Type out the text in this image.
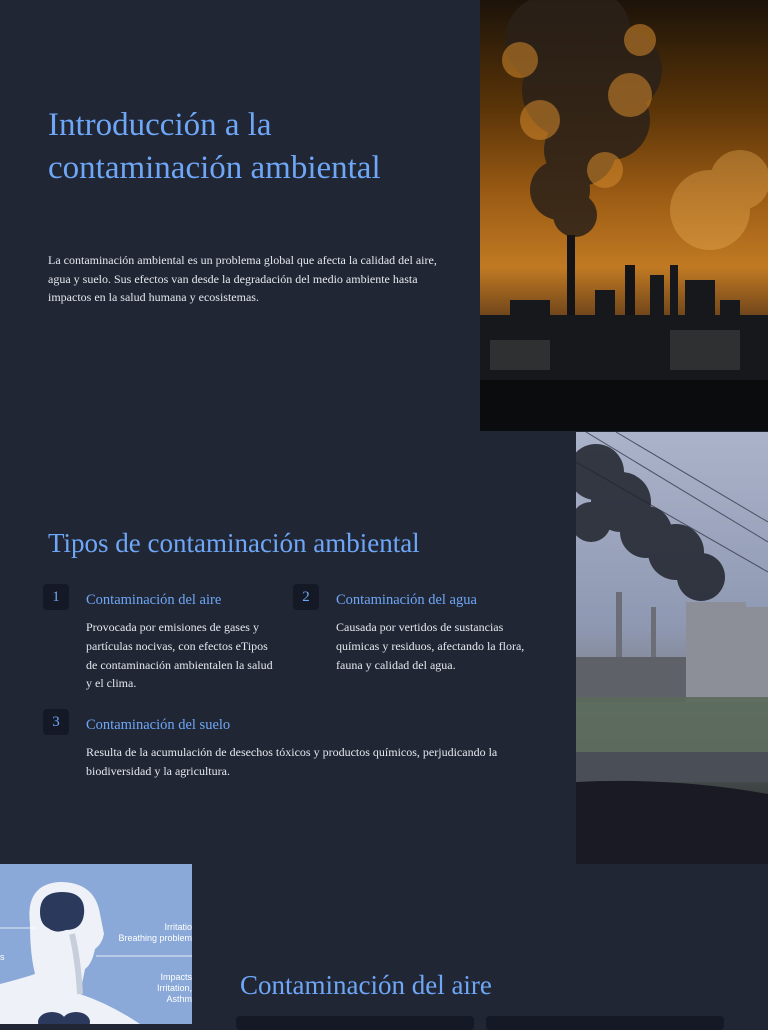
Introducción a la contaminación ambiental

La contaminación ambiental es un problema global que afecta la calidad del aire, agua y suelo. Sus efectos van desde la degradación del medio ambiente hasta impactos en la salud humana y ecosistemas.

Tipos de contaminación ambiental
1	Contaminación del aire

Provocada por emisiones de gases y partículas nocivas, con efectos eTipos de contaminación ambientalen la salud y el clima.

2	Contaminación del agua

Causada por vertidos de sustancias químicas y residuos, afectando la flora, fauna y calidad del agua.

3	Contaminación del suelo

Resulta de la acumulación de desechos tóxicos y productos químicos, perjudicando la biodiversidad y la agricultura.

Irritatio
Breathing problem
Impacts
Irritation,
Asthm
s
Contaminación del aire
